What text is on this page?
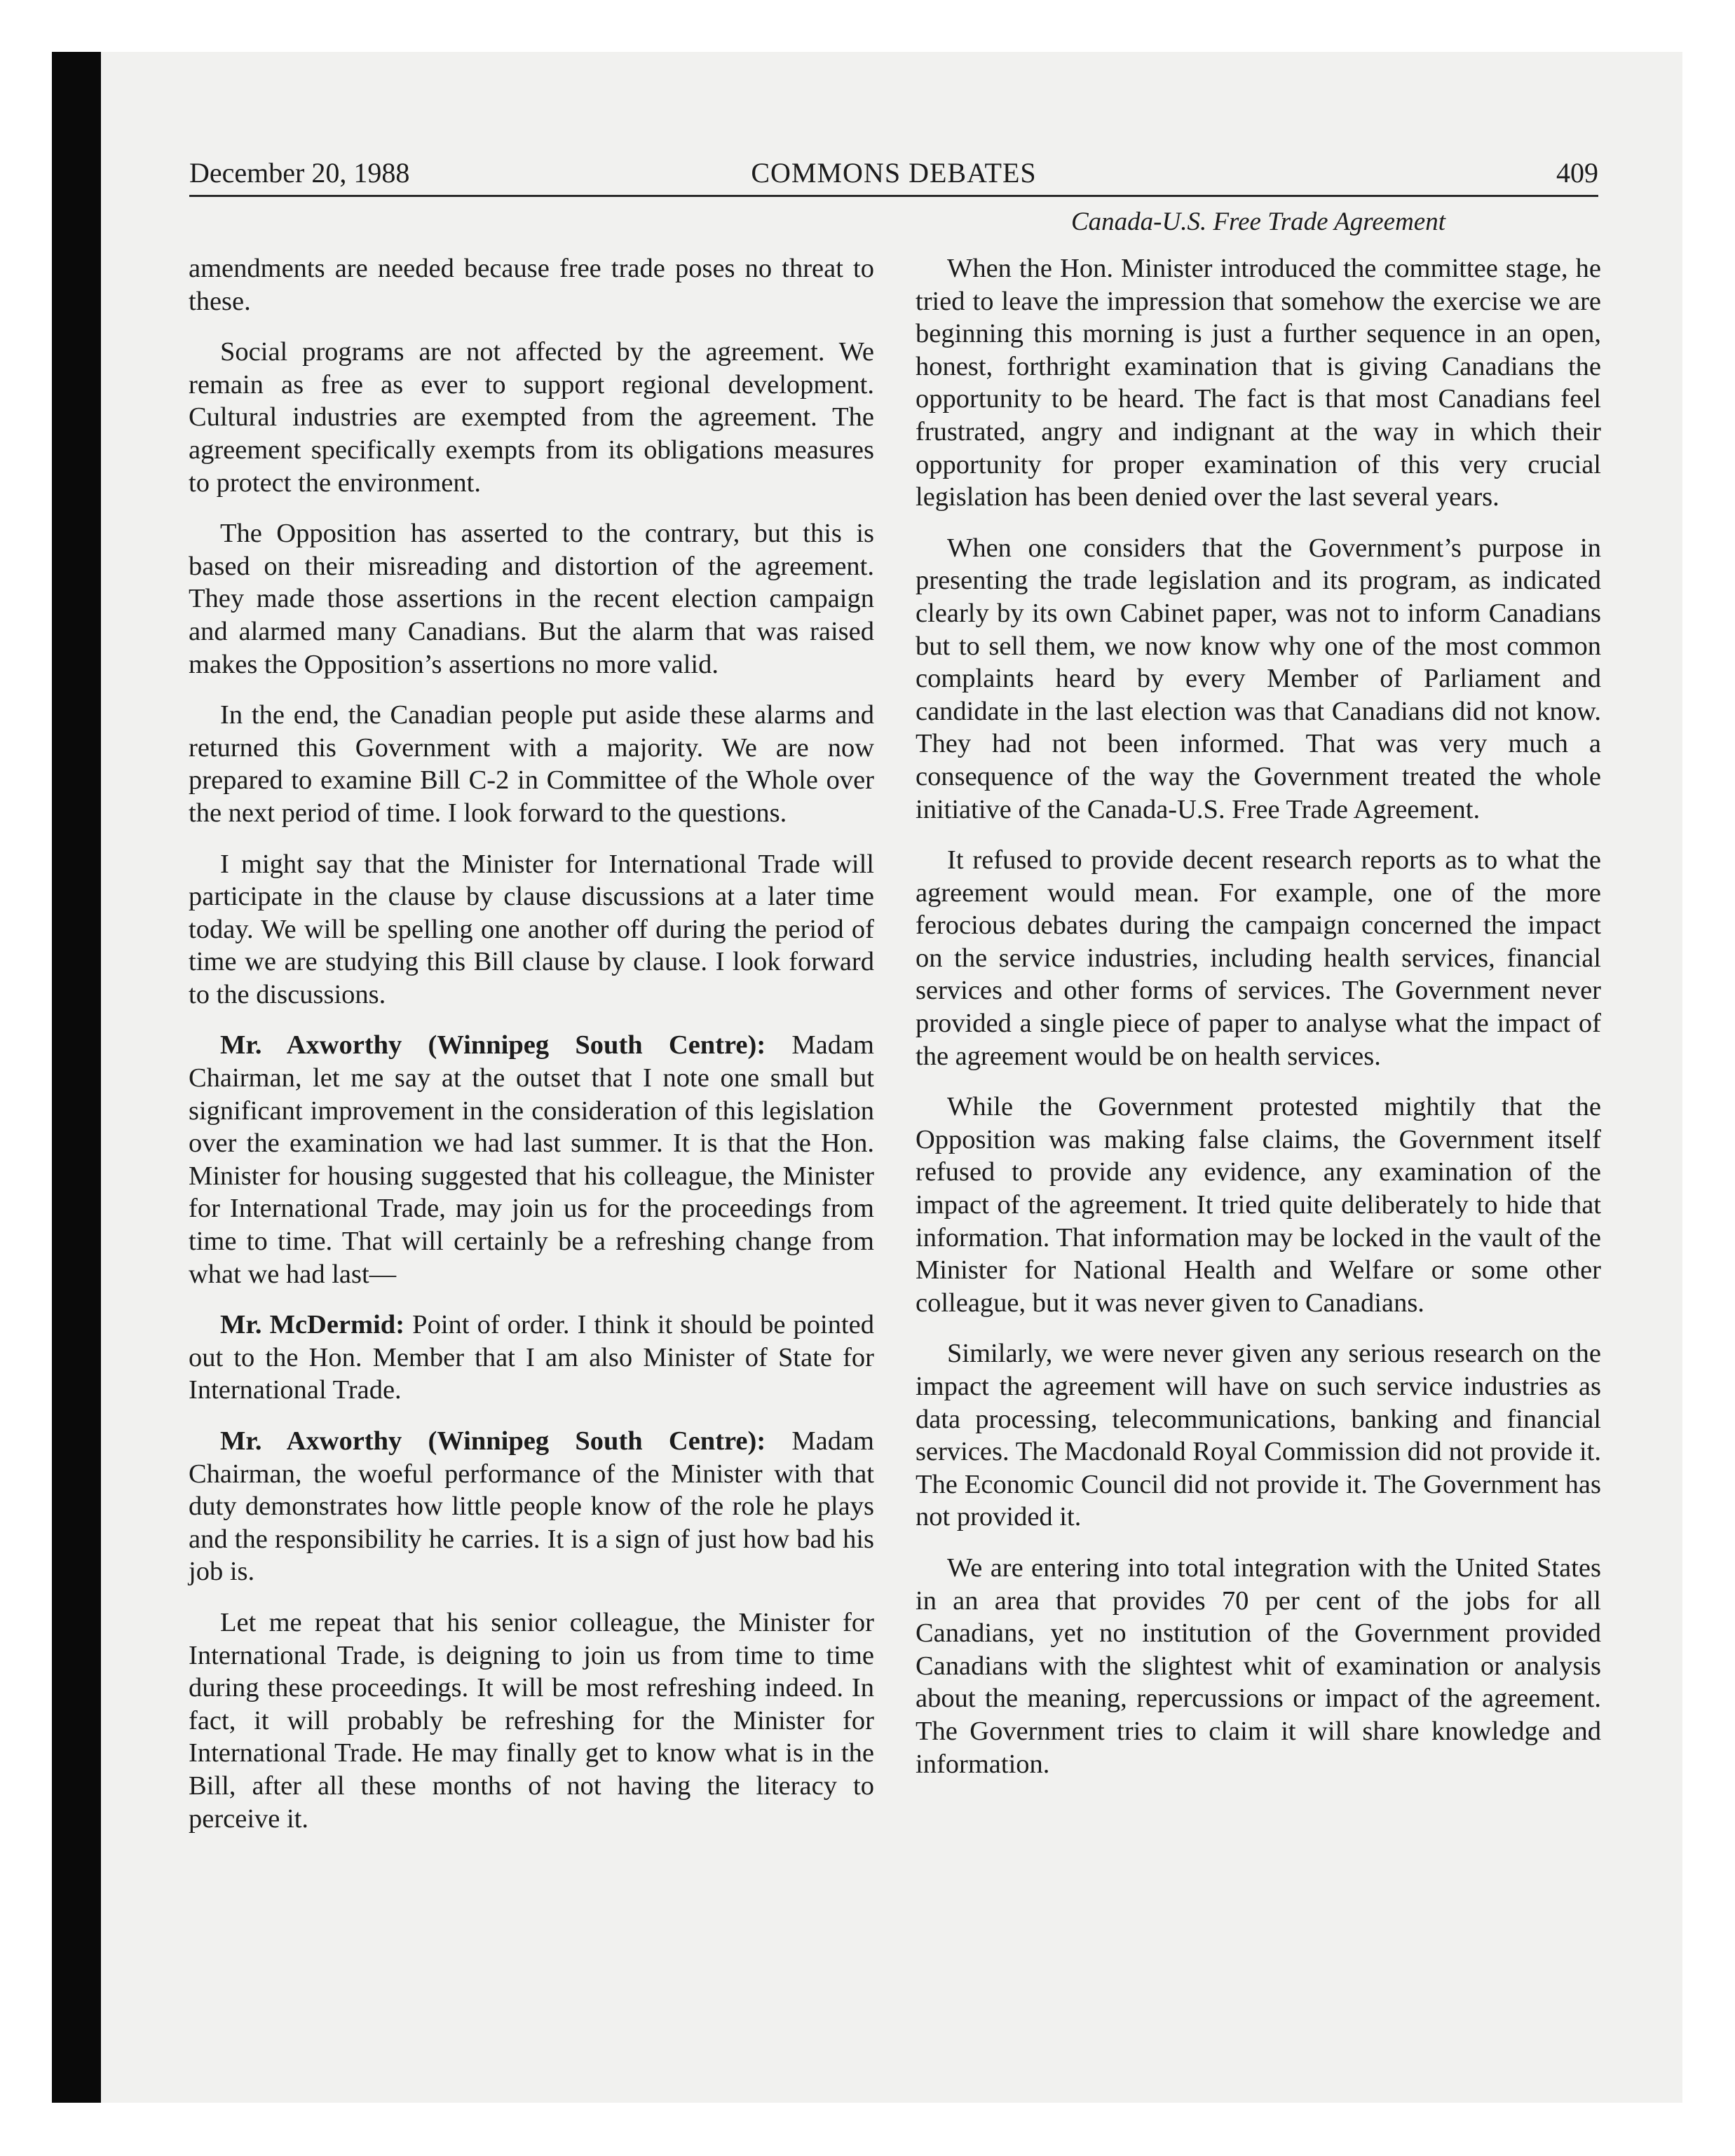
December 20, 1988	COMMONS DEBATES	409
Canada-U.S. Free Trade Agreement

amendments are needed because free trade poses no threat to these.

Social programs are not affected by the agreement. We remain as free as ever to support regional development. Cultural industries are exempted from the agreement. The agreement specifically exempts from its obligations measures to protect the environment.

The Opposition has asserted to the contrary, but this is based on their misreading and distortion of the agreement. They made those assertions in the recent election campaign and alarmed many Canadians. But the alarm that was raised makes the Opposition’s assertions no more valid.

In the end, the Canadian people put aside these alarms and returned this Government with a majority. We are now prepared to examine Bill C-2 in Committee of the Whole over the next period of time. I look forward to the questions.

I might say that the Minister for International Trade will participate in the clause by clause discussions at a later time today. We will be spelling one another off during the period of time we are studying this Bill clause by clause. I look forward to the discussions.

Mr. Axworthy (Winnipeg South Centre): Madam Chairman, let me say at the outset that I note one small but significant improvement in the consideration of this legislation over the examination we had last summer. It is that the Hon. Minister for housing suggested that his colleague, the Minister for International Trade, may join us for the proceedings from time to time. That will certainly be a refreshing change from what we had last—

Mr. McDermid: Point of order. I think it should be pointed out to the Hon. Member that I am also Minister of State for International Trade.

Mr. Axworthy (Winnipeg South Centre): Madam Chairman, the woeful performance of the Minister with that duty demonstrates how little people know of the role he plays and the responsibility he carries. It is a sign of just how bad his job is.

Let me repeat that his senior colleague, the Minister for International Trade, is deigning to join us from time to time during these proceedings. It will be most refreshing indeed. In fact, it will probably be refreshing for the Minister for International Trade. He may finally get to know what is in the Bill, after all these months of not having the literacy to perceive it.

When the Hon. Minister introduced the committee stage, he tried to leave the impression that somehow the exercise we are beginning this morning is just a further sequence in an open, honest, forthright examination that is giving Canadians the opportunity to be heard. The fact is that most Canadians feel frustrated, angry and indignant at the way in which their opportunity for proper examination of this very crucial legislation has been denied over the last several years.

When one considers that the Government’s purpose in presenting the trade legislation and its program, as indicated clearly by its own Cabinet paper, was not to inform Canadians but to sell them, we now know why one of the most common complaints heard by every Member of Parliament and candidate in the last election was that Canadians did not know. They had not been informed. That was very much a consequence of the way the Government treated the whole initiative of the Canada-U.S. Free Trade Agreement.

It refused to provide decent research reports as to what the agreement would mean. For example, one of the more ferocious debates during the campaign concerned the impact on the service industries, including health services, financial services and other forms of services. The Government never provided a single piece of paper to analyse what the impact of the agreement would be on health services.

While the Government protested mightily that the Opposition was making false claims, the Government itself refused to provide any evidence, any examination of the impact of the agreement. It tried quite deliberately to hide that information. That information may be locked in the vault of the Minister for National Health and Welfare or some other colleague, but it was never given to Canadians.

Similarly, we were never given any serious research on the impact the agreement will have on such service industries as data processing, telecommunications, banking and financial services. The Macdonald Royal Commission did not provide it. The Economic Council did not provide it. The Government has not provided it.

We are entering into total integration with the United States in an area that provides 70 per cent of the jobs for all Canadians, yet no institution of the Government provided Canadians with the slightest whit of examination or analysis about the meaning, repercussions or impact of the agreement. The Government tries to claim it will share knowledge and information.
